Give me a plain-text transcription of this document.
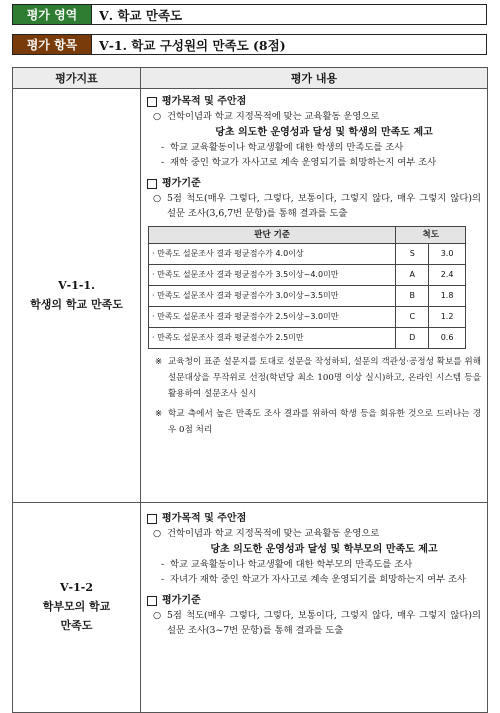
평가 영역	Ⅴ. 학교 만족도
평가 항목	Ⅴ-1. 학교 구성원의 만족도 (8점)
평가지표	평가 내용

Ⅴ-1-1.
학생의 학교 만족도

평가목적 및 주안점
○ 건학이념과 학교 지정목적에 맞는 교육활동 운영으로
당초 의도한 운영성과 달성 및 학생의 만족도 제고
- 학교 교육활동이나 학교생활에 대한 학생의 만족도를 조사
- 재학 중인 학교가 자사고로 계속 운영되기를 희망하는지 여부 조사
평가기준
○ 5점 척도(매우 그렇다, 그렇다, 보통이다, 그렇지 않다, 매우 그렇지 않다)의 설문 조사(3,6,7번 문항)를 통해 결과를 도출
판단 기준	척도
· 만족도 설문조사 결과 평균점수가 4.0이상	S	3.0
· 만족도 설문조사 결과 평균점수가 3.5이상~4.0미만	A	2.4
· 만족도 설문조사 결과 평균점수가 3.0이상~3.5미만	B	1.8
· 만족도 설문조사 결과 평균점수가 2.5이상~3.0미만	C	1.2
· 만족도 설문조사 결과 평균점수가 2.5미만	D	0.6
※ 교육청이 표준 설문지를 토대로 설문을 작성하되, 설문의 객관성·공정성 확보를 위해 설문대상을 무작위로 선정(학년당 최소 100명 이상 실시)하고, 온라인 시스템 등을 활용하여 설문조사 실시
※ 학교 측에서 높은 만족도 조사 결과를 위하여 학생 등을 회유한 것으로 드러나는 경우 0점 처리

Ⅴ-1-2
학부모의 학교
만족도

평가목적 및 주안점
○ 건학이념과 학교 지정목적에 맞는 교육활동 운영으로
당초 의도한 운영성과 달성 및 학부모의 만족도 제고
- 학교 교육활동이나 학교생활에 대한 학부모의 만족도를 조사
- 자녀가 재학 중인 학교가 자사고로 계속 운영되기를 희망하는지 여부 조사
평가기준
○ 5점 척도(매우 그렇다, 그렇다, 보통이다, 그렇지 않다, 매우 그렇지 않다)의 설문 조사(3~7번 문항)를 통해 결과를 도출
